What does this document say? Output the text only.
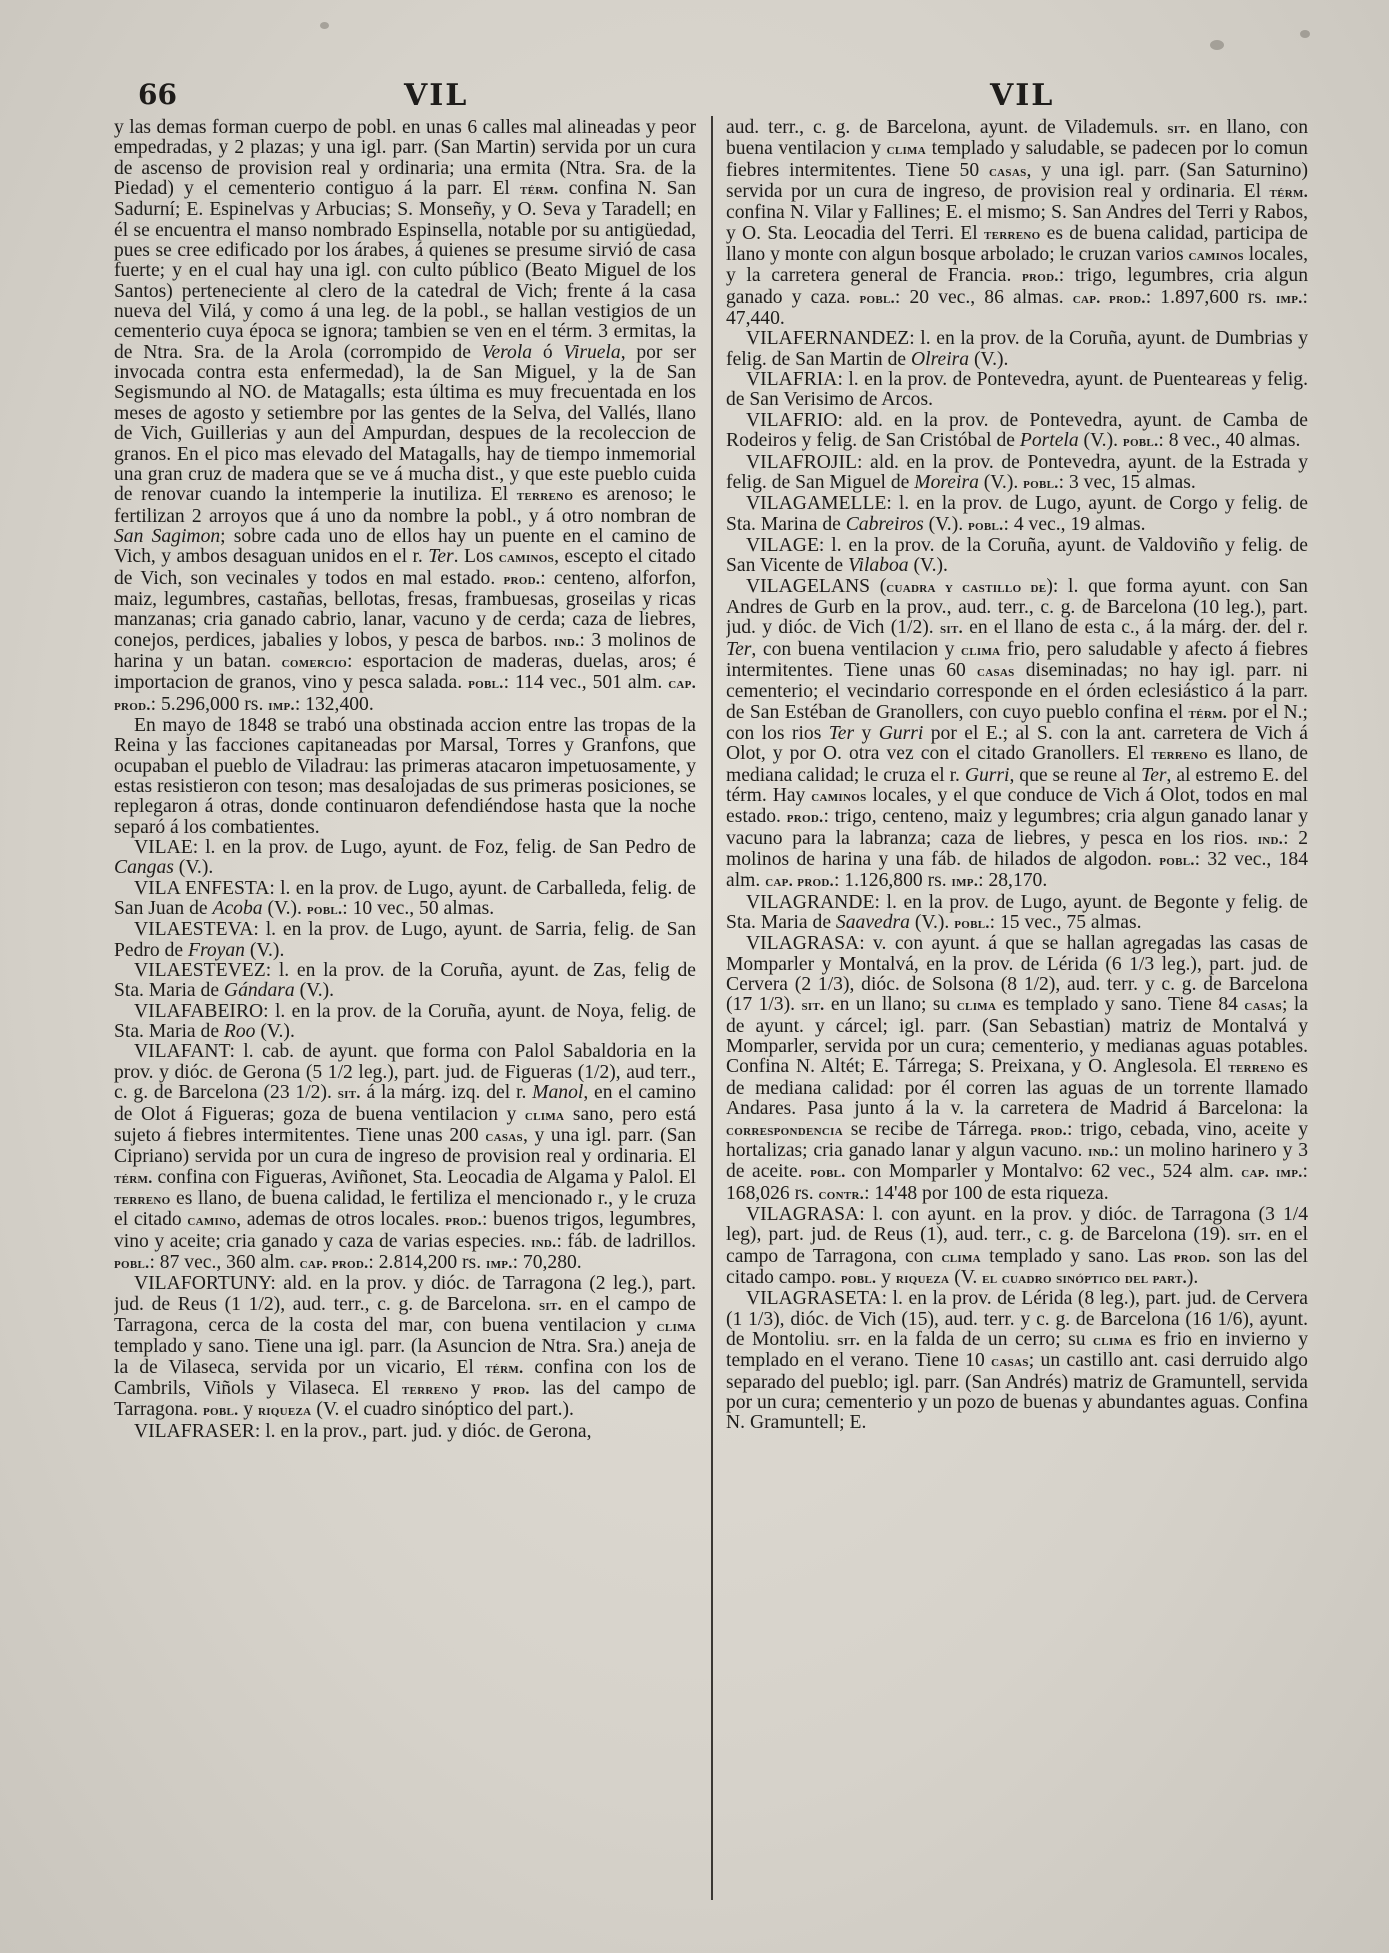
66	VIL	VIL

y las demas forman cuerpo de pobl. en unas 6 calles mal alineadas y peor empedradas, y 2 plazas; y una igl. parr. (San Martin) servida por un cura de ascenso de provision real y ordinaria; una ermita (Ntra. Sra. de la Piedad) y el cementerio contiguo á la parr. El térm. confina N. San Sadurní; E. Espinelvas y Arbucias; S. Monseñy, y O. Seva y Taradell; en él se encuentra el manso nombrado Espinsella, notable por su antigüedad, pues se cree edificado por los árabes, á quienes se presume sirvió de casa fuerte; y en el cual hay una igl. con culto público (Beato Miguel de los Santos) perteneciente al clero de la catedral de Vich; frente á la casa nueva del Vilá, y como á una leg. de la pobl., se hallan vestigios de un cementerio cuya época se ignora; tambien se ven en el térm. 3 ermitas, la de Ntra. Sra. de la Arola (corrompido de Verola ó Viruela, por ser invocada contra esta enfermedad), la de San Miguel, y la de San Segismundo al NO. de Matagalls; esta última es muy frecuentada en los meses de agosto y setiembre por las gentes de la Selva, del Vallés, llano de Vich, Guillerias y aun del Ampurdan, despues de la recoleccion de granos. En el pico mas elevado del Matagalls, hay de tiempo inmemorial una gran cruz de madera que se ve á mucha dist., y que este pueblo cuida de renovar cuando la intemperie la inutiliza. El terreno es arenoso; le fertilizan 2 arroyos que á uno da nombre la pobl., y á otro nombran de San Sagimon; sobre cada uno de ellos hay un puente en el camino de Vich, y ambos desaguan unidos en el r. Ter. Los caminos, escepto el citado de Vich, son vecinales y todos en mal estado. prod.: centeno, alforfon, maiz, legumbres, castañas, bellotas, fresas, frambuesas, groseilas y ricas manzanas; cria ganado cabrio, lanar, vacuno y de cerda; caza de liebres, conejos, perdices, jabalies y lobos, y pesca de barbos. ind.: 3 molinos de harina y un batan. comercio: esportacion de maderas, duelas, aros; é importacion de granos, vino y pesca salada. pobl.: 114 vec., 501 alm. cap. prod.: 5.296,000 rs. imp.: 132,400.

En mayo de 1848 se trabó una obstinada accion entre las tropas de la Reina y las facciones capitaneadas por Marsal, Torres y Granfons, que ocupaban el pueblo de Viladrau: las primeras atacaron impetuosamente, y estas resistieron con teson; mas desalojadas de sus primeras posiciones, se replegaron á otras, donde continuaron defendiéndose hasta que la noche separó á los combatientes.

VILAE: l. en la prov. de Lugo, ayunt. de Foz, felig. de San Pedro de Cangas (V.).

VILA ENFESTA: l. en la prov. de Lugo, ayunt. de Carballeda, felig. de San Juan de Acoba (V.). pobl.: 10 vec., 50 almas.

VILAESTEVA: l. en la prov. de Lugo, ayunt. de Sarria, felig. de San Pedro de Froyan (V.).

VILAESTEVEZ: l. en la prov. de la Coruña, ayunt. de Zas, felig de Sta. Maria de Gándara (V.).

VILAFABEIRO: l. en la prov. de la Coruña, ayunt. de Noya, felig. de Sta. Maria de Roo (V.).

VILAFANT: l. cab. de ayunt. que forma con Palol Sabaldoria en la prov. y dióc. de Gerona (5 1/2 leg.), part. jud. de Figueras (1/2), aud terr., c. g. de Barcelona (23 1/2). sit. á la márg. izq. del r. Manol, en el camino de Olot á Figueras; goza de buena ventilacion y clima sano, pero está sujeto á fiebres intermitentes. Tiene unas 200 casas, y una igl. parr. (San Cipriano) servida por un cura de ingreso de provision real y ordinaria. El térm. confina con Figueras, Aviñonet, Sta. Leocadia de Algama y Palol. El terreno es llano, de buena calidad, le fertiliza el mencionado r., y le cruza el citado camino, ademas de otros locales. prod.: buenos trigos, legumbres, vino y aceite; cria ganado y caza de varias especies. ind.: fáb. de ladrillos. pobl.: 87 vec., 360 alm. cap. prod.: 2.814,200 rs. imp.: 70,280.

VILAFORTUNY: ald. en la prov. y dióc. de Tarragona (2 leg.), part. jud. de Reus (1 1/2), aud. terr., c. g. de Barcelona. sit. en el campo de Tarragona, cerca de la costa del mar, con buena ventilacion y clima templado y sano. Tiene una igl. parr. (la Asuncion de Ntra. Sra.) aneja de la de Vilaseca, servida por un vicario, El térm. confina con los de Cambrils, Viñols y Vilaseca. El terreno y prod. las del campo de Tarragona. pobl. y riqueza (V. el cuadro sinóptico del part.).

VILAFRASER: l. en la prov., part. jud. y dióc. de Gerona,

aud. terr., c. g. de Barcelona, ayunt. de Vilademuls. sit. en llano, con buena ventilacion y clima templado y saludable, se padecen por lo comun fiebres intermitentes. Tiene 50 casas, y una igl. parr. (San Saturnino) servida por un cura de ingreso, de provision real y ordinaria. El térm. confina N. Vilar y Fallines; E. el mismo; S. San Andres del Terri y Rabos, y O. Sta. Leocadia del Terri. El terreno es de buena calidad, participa de llano y monte con algun bosque arbolado; le cruzan varios caminos locales, y la carretera general de Francia. prod.: trigo, legumbres, cria algun ganado y caza. pobl.: 20 vec., 86 almas. cap. prod.: 1.897,600 rs. imp.: 47,440.

VILAFERNANDEZ: l. en la prov. de la Coruña, ayunt. de Dumbrias y felig. de San Martin de Olreira (V.).

VILAFRIA: l. en la prov. de Pontevedra, ayunt. de Puenteareas y felig. de San Verisimo de Arcos.

VILAFRIO: ald. en la prov. de Pontevedra, ayunt. de Camba de Rodeiros y felig. de San Cristóbal de Portela (V.). pobl.: 8 vec., 40 almas.

VILAFROJIL: ald. en la prov. de Pontevedra, ayunt. de la Estrada y felig. de San Miguel de Moreira (V.). pobl.: 3 vec, 15 almas.

VILAGAMELLE: l. en la prov. de Lugo, ayunt. de Corgo y felig. de Sta. Marina de Cabreiros (V.). pobl.: 4 vec., 19 almas.

VILAGE: l. en la prov. de la Coruña, ayunt. de Valdoviño y felig. de San Vicente de Vilaboa (V.).

VILAGELANS (cuadra y castillo de): l. que forma ayunt. con San Andres de Gurb en la prov., aud. terr., c. g. de Barcelona (10 leg.), part. jud. y dióc. de Vich (1/2). sit. en el llano de esta c., á la márg. der. del r. Ter, con buena ventilacion y clima frio, pero saludable y afecto á fiebres intermitentes. Tiene unas 60 casas diseminadas; no hay igl. parr. ni cementerio; el vecindario corresponde en el órden eclesiástico á la parr. de San Estéban de Granollers, con cuyo pueblo confina el térm. por el N.; con los rios Ter y Gurri por el E.; al S. con la ant. carretera de Vich á Olot, y por O. otra vez con el citado Granollers. El terreno es llano, de mediana calidad; le cruza el r. Gurri, que se reune al Ter, al estremo E. del térm. Hay caminos locales, y el que conduce de Vich á Olot, todos en mal estado. prod.: trigo, centeno, maiz y legumbres; cria algun ganado lanar y vacuno para la labranza; caza de liebres, y pesca en los rios. ind.: 2 molinos de harina y una fáb. de hilados de algodon. pobl.: 32 vec., 184 alm. cap. prod.: 1.126,800 rs. imp.: 28,170.

VILAGRANDE: l. en la prov. de Lugo, ayunt. de Begonte y felig. de Sta. Maria de Saavedra (V.). pobl.: 15 vec., 75 almas.

VILAGRASA: v. con ayunt. á que se hallan agregadas las casas de Momparler y Montalvá, en la prov. de Lérida (6 1/3 leg.), part. jud. de Cervera (2 1/3), dióc. de Solsona (8 1/2), aud. terr. y c. g. de Barcelona (17 1/3). sit. en un llano; su clima es templado y sano. Tiene 84 casas; la de ayunt. y cárcel; igl. parr. (San Sebastian) matriz de Montalvá y Momparler, servida por un cura; cementerio, y medianas aguas potables. Confina N. Altét; E. Tárrega; S. Preixana, y O. Anglesola. El terreno es de mediana calidad: por él corren las aguas de un torrente llamado Andares. Pasa junto á la v. la carretera de Madrid á Barcelona: la correspondencia se recibe de Tárrega. prod.: trigo, cebada, vino, aceite y hortalizas; cria ganado lanar y algun vacuno. ind.: un molino harinero y 3 de aceite. pobl. con Momparler y Montalvo: 62 vec., 524 alm. cap. imp.: 168,026 rs. contr.: 14'48 por 100 de esta riqueza.

VILAGRASA: l. con ayunt. en la prov. y dióc. de Tarragona (3 1/4 leg), part. jud. de Reus (1), aud. terr., c. g. de Barcelona (19). sit. en el campo de Tarragona, con clima templado y sano. Las prod. son las del citado campo. pobl. y riqueza (V. el cuadro sinóptico del part.).

VILAGRASETA: l. en la prov. de Lérida (8 leg.), part. jud. de Cervera (1 1/3), dióc. de Vich (15), aud. terr. y c. g. de Barcelona (16 1/6), ayunt. de Montoliu. sit. en la falda de un cerro; su clima es frio en invierno y templado en el verano. Tiene 10 casas; un castillo ant. casi derruido algo separado del pueblo; igl. parr. (San Andrés) matriz de Gramuntell, servida por un cura; cementerio y un pozo de buenas y abundantes aguas. Confina N. Gramuntell; E.
